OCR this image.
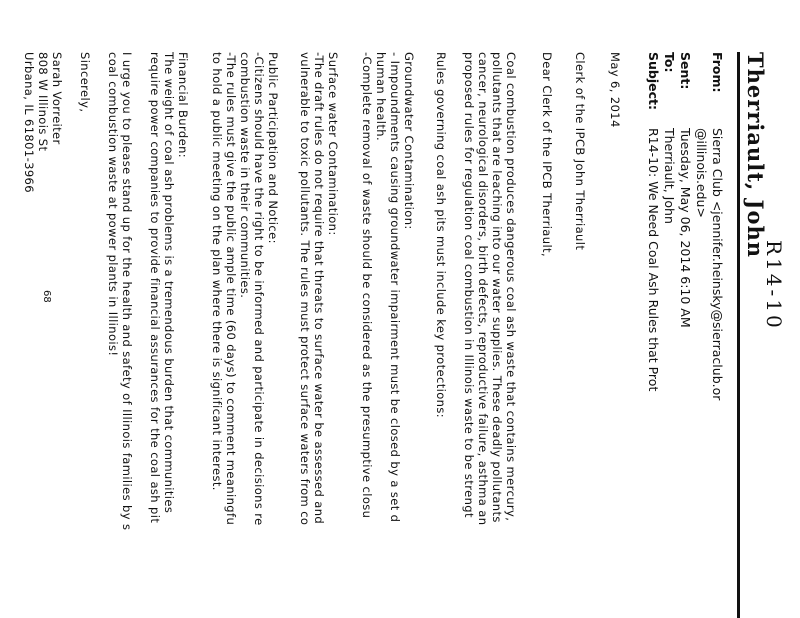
R14-10
Therriault, John
From:
Sierra Club <jennifer.heinsky@sierraclub.or
@illinois.edu>
Sent:
Tuesday, May 06, 2014 6:10 AM
To:
Therriault, John
Subject:
R14-10: We Need Coal Ash Rules that Prot
May 6, 2014
Clerk of the IPCB John Therriault
Dear Clerk of the IPCB Therriault,
Coal combustion produces dangerous coal ash waste that contains mercury,
pollutants that are leaching into our water supplies. These deadly pollutants
cancer, neurological disorders, birth defects, reproductive failure, asthma an
proposed rules for regulation coal combustion in Illinois waste to be strengt
Rules governing coal ash pits must include key protections:
Groundwater Contamination:
- Impoundments causing groundwater impairment must be closed by a set d
human health.
-Complete removal of waste should be considered as the presumptive closu
Surface water Contamination:
-The draft rules do not require that threats to surface water be assessed and
vulnerable to toxic pollutants. The rules must protect surface waters from co
Public Participation and Notice:
-Citizens should have the right to be informed and participate in decisions re
combustion waste in their communities.
-The rules must give the public ample time (60 days) to comment meaningfu
to hold a public meeting on the plan where there is significant interest.
Financial Burden:
The weight of coal ash problems is a tremendous burden that communities
require power companies to provide financial assurances for the coal ash pit
I urge you to please stand up for the health and safety of Illinois families by s
coal combustion waste at power plants in Illinois!
Sincerely,
Sarah Vorreiter
808 W Illinois St
Urbana, IL 61801-3966
68
